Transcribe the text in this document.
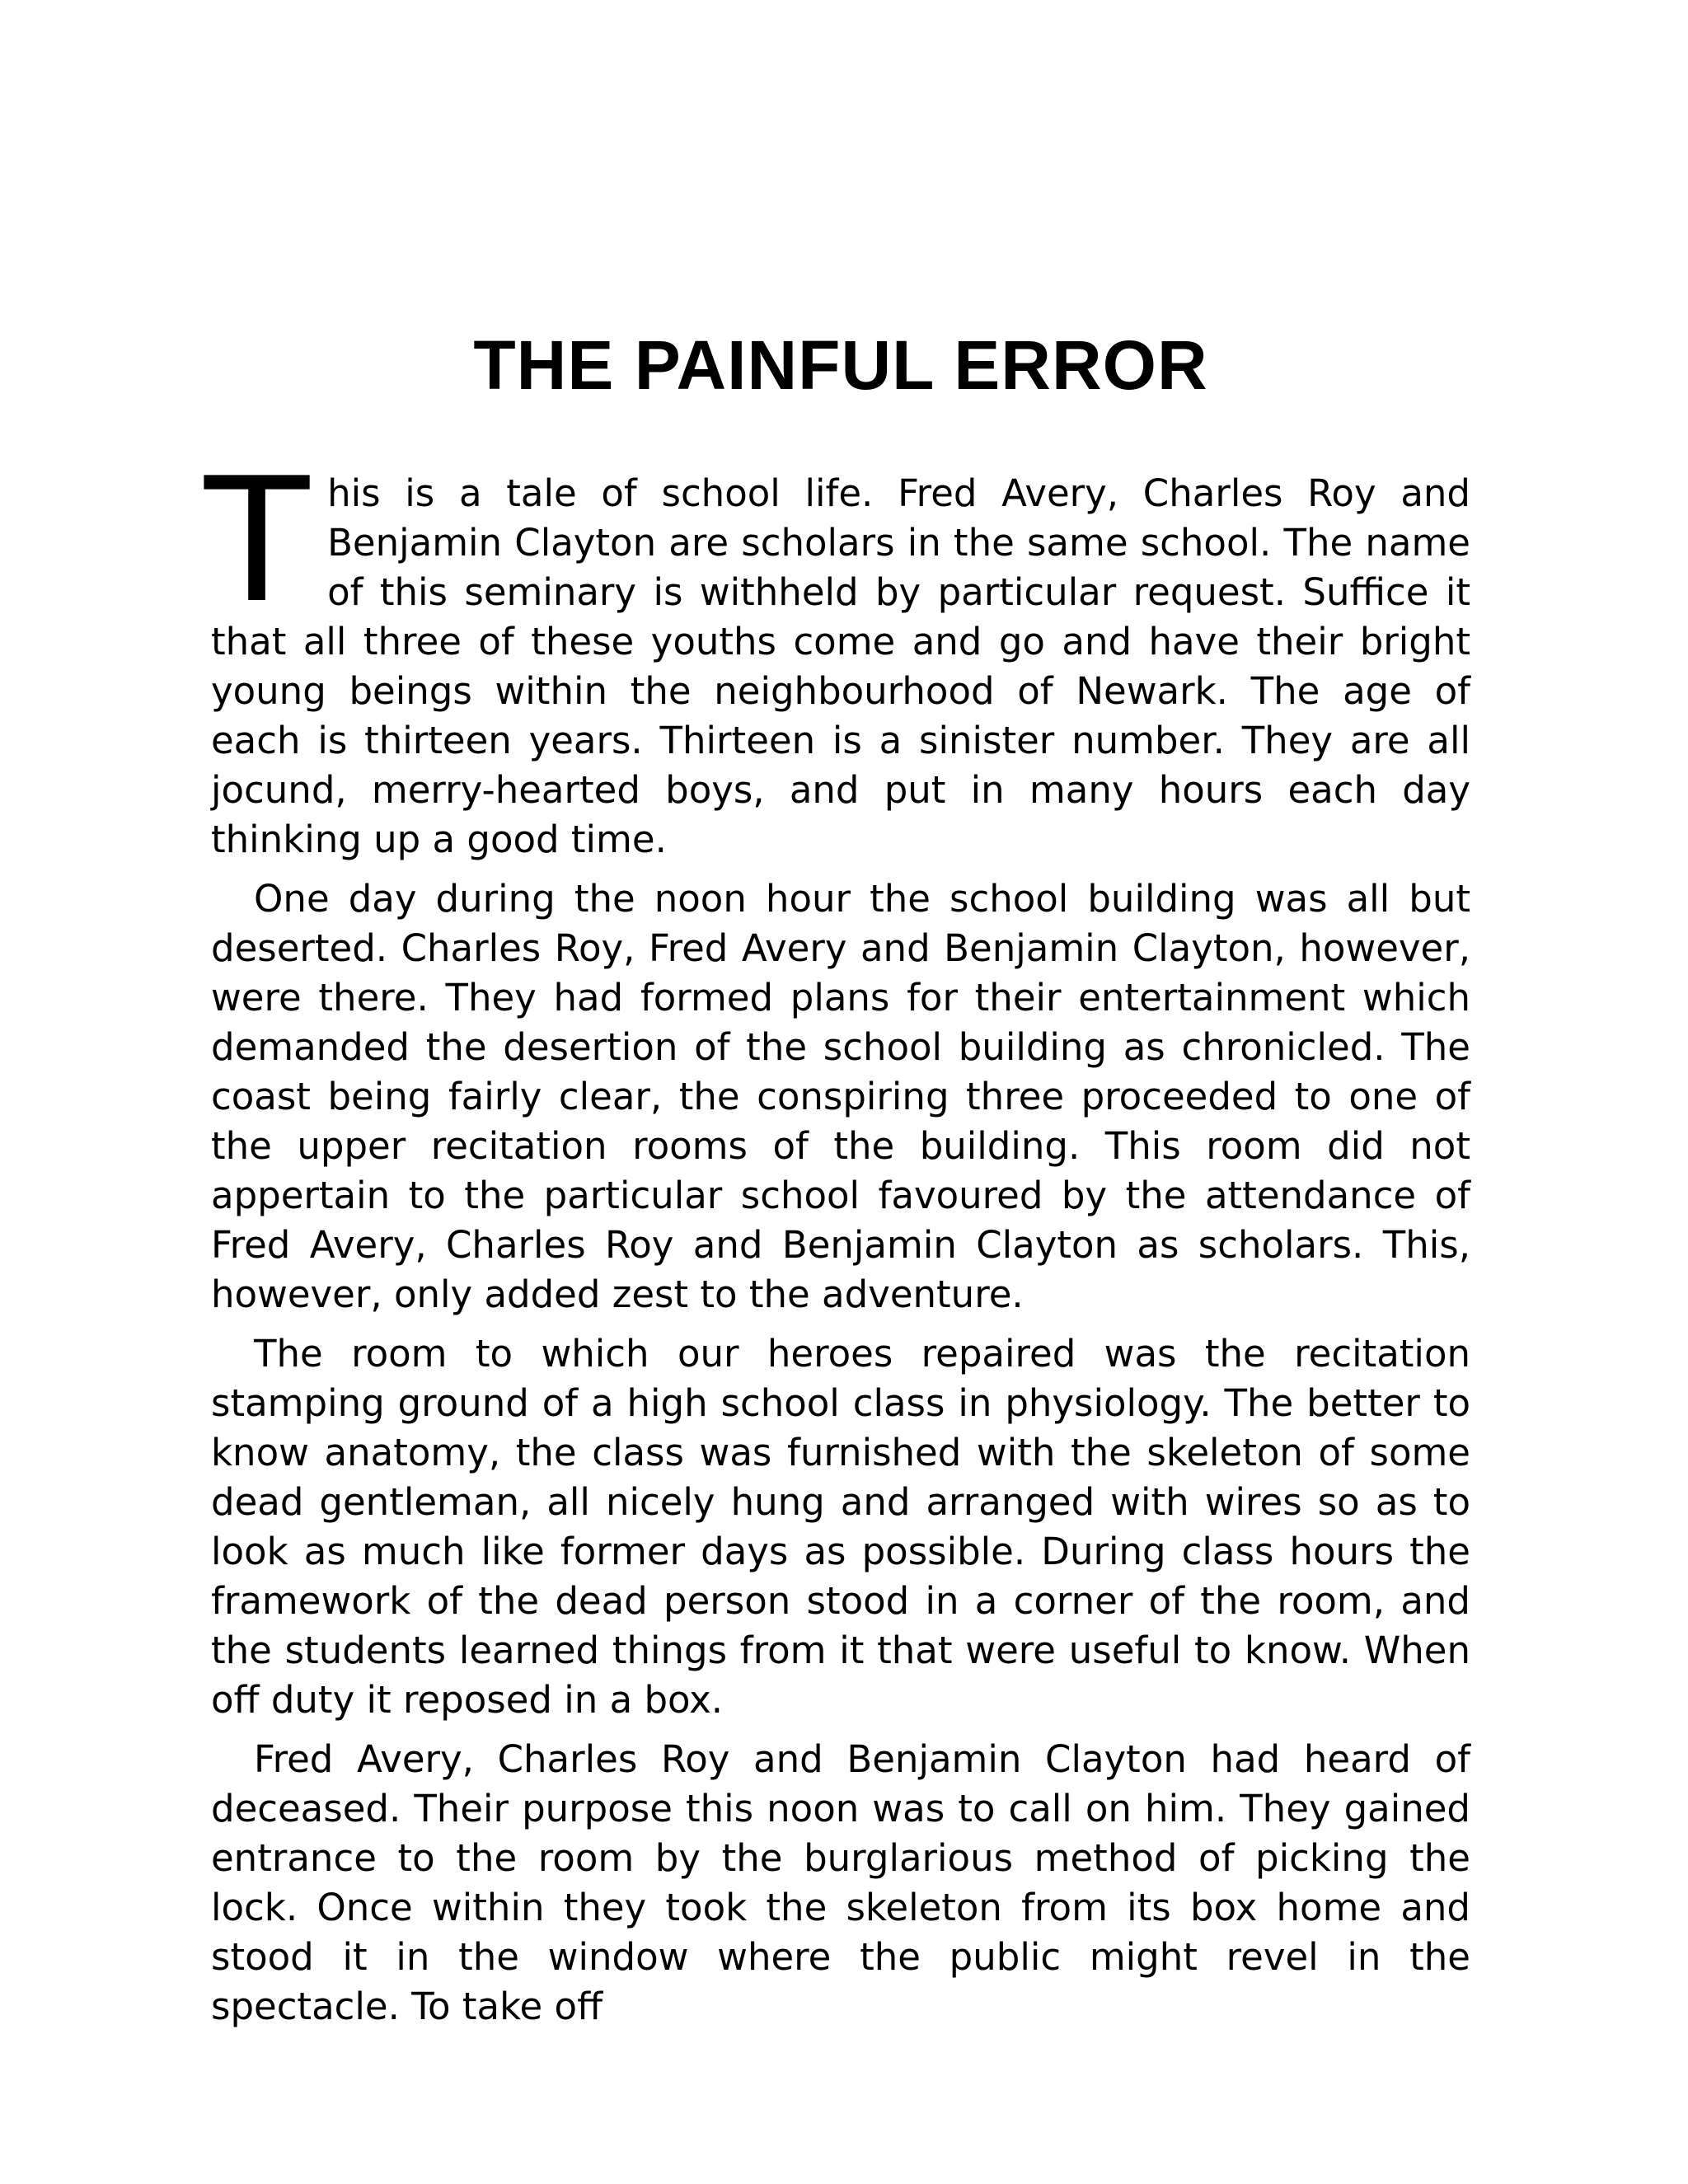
THE PAINFUL ERROR

This is a tale of school life. Fred Avery, Charles Roy and Benjamin Clayton are scholars in the same school. The name of this seminary is withheld by particular request. Suffice it that all three of these youths come and go and have their bright young beings within the neighbourhood of Newark. The age of each is thirteen years. Thirteen is a sinister number. They are all jocund, merry-hearted boys, and put in many hours each day thinking up a good time.

One day during the noon hour the school building was all but deserted. Charles Roy, Fred Avery and Benjamin Clayton, however, were there. They had formed plans for their entertainment which demanded the desertion of the school building as chronicled. The coast being fairly clear, the conspiring three proceeded to one of the upper recitation rooms of the building. This room did not appertain to the particular school favoured by the attendance of Fred Avery, Charles Roy and Benjamin Clayton as scholars. This, however, only added zest to the adventure.

The room to which our heroes repaired was the recitation stamping ground of a high school class in physiology. The better to know anatomy, the class was furnished with the skeleton of some dead gentleman, all nicely hung and arranged with wires so as to look as much like former days as possible. During class hours the framework of the dead person stood in a corner of the room, and the students learned things from it that were useful to know. When off duty it reposed in a box.

Fred Avery, Charles Roy and Benjamin Clayton had heard of deceased. Their purpose this noon was to call on him. They gained entrance to the room by the burglarious method of picking the lock. Once within they took the skeleton from its box home and stood it in the window where the public might revel in the spectacle. To take off
